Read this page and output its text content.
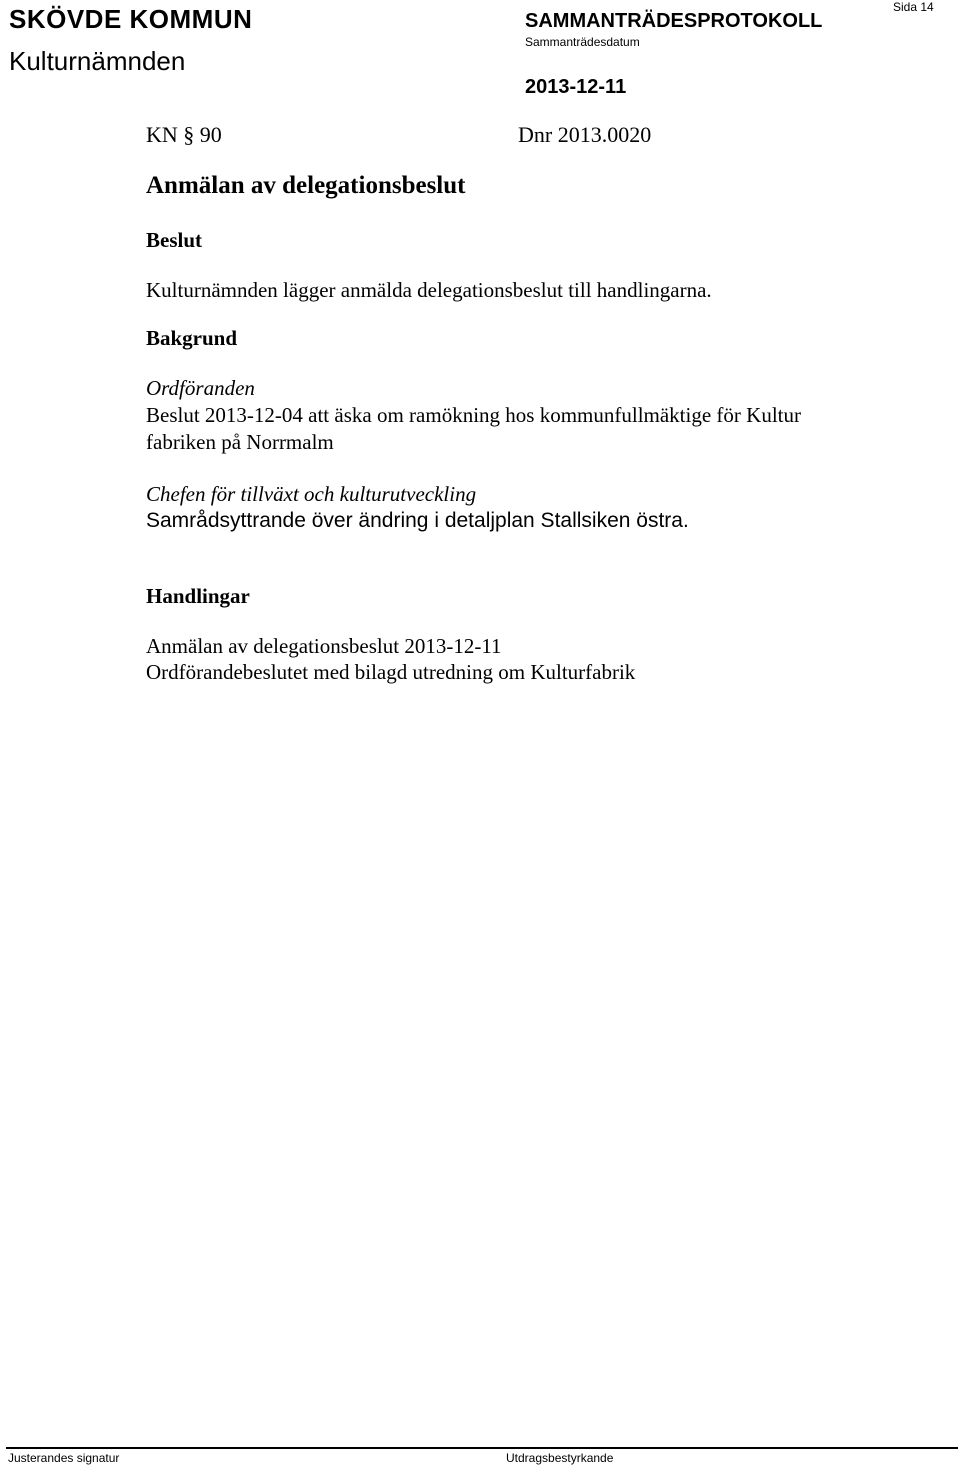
SKÖVDE KOMMUN
Kulturnämnden
SAMMANTRÄDESPROTOKOLL
Sammanträdesdatum
2013-12-11
Sida 14
KN § 90	Dnr 2013.0020
Anmälan av delegationsbeslut
Beslut
Kulturnämnden lägger anmälda delegationsbeslut till handlingarna.
Bakgrund
Ordföranden
Beslut 2013-12-04 att äska om ramökning hos kommunfullmäktige för Kultur
fabriken på Norrmalm
Chefen för tillväxt och kulturutveckling
Samrådsyttrande över ändring i detaljplan Stallsiken östra.
Handlingar
Anmälan av delegationsbeslut 2013-12-11
Ordförandebeslutet med bilagd utredning om Kulturfabrik
Justerandes signatur	Utdragsbestyrkande
